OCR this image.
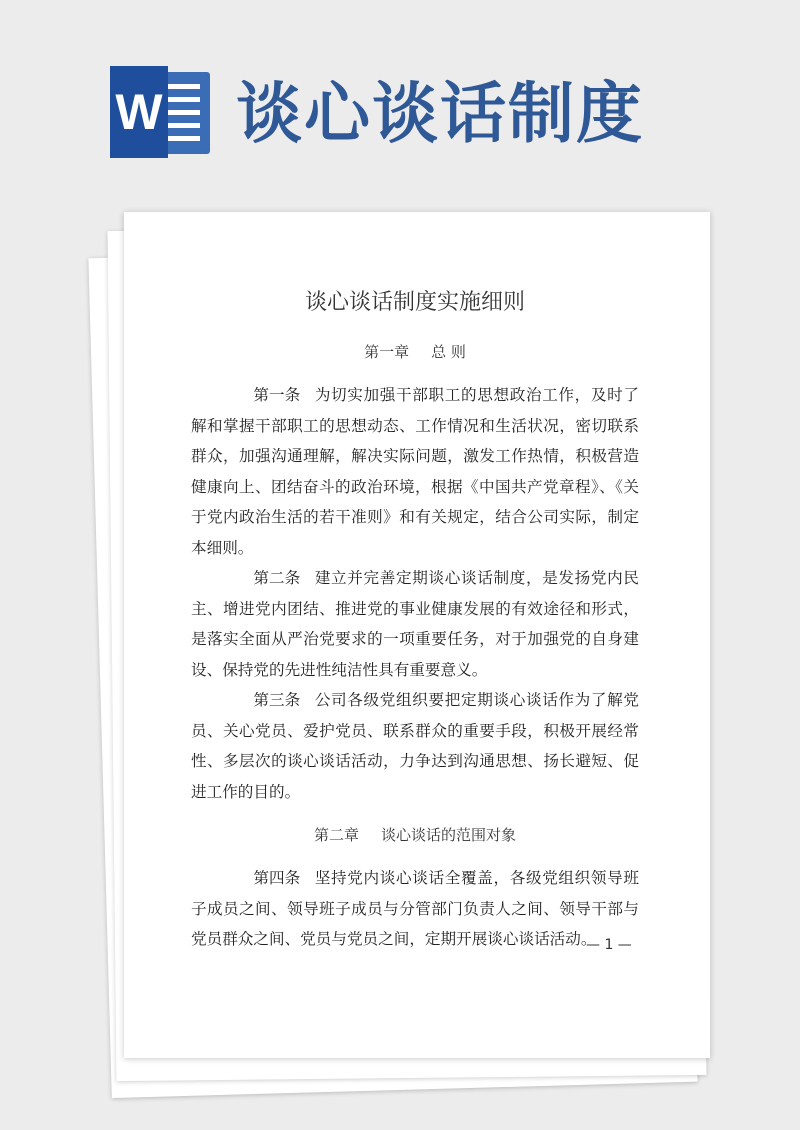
W 谈心谈话制度
谈心谈话制度实施细则
第一章 总 则

第一条 为切实加强干部职工的思想政治工作，及时了解和掌握干部职工的思想动态、工作情况和生活状况，密切联系群众，加强沟通理解，解决实际问题，激发工作热情，积极营造健康向上、团结奋斗的政治环境，根据《中国共产党章程》、《关于党内政治生活的若干准则》和有关规定，结合公司实际，制定本细则。

第二条 建立并完善定期谈心谈话制度，是发扬党内民主、增进党内团结、推进党的事业健康发展的有效途径和形式，是落实全面从严治党要求的一项重要任务，对于加强党的自身建设、保持党的先进性纯洁性具有重要意义。

第三条 公司各级党组织要把定期谈心谈话作为了解党员、关心党员、爱护党员、联系群众的重要手段，积极开展经常性、多层次的谈心谈话活动，力争达到沟通思想、扬长避短、促进工作的目的。

第二章 谈心谈话的范围对象

第四条 坚持党内谈心谈话全覆盖，各级党组织领导班子成员之间、领导班子成员与分管部门负责人之间、领导干部与党员群众之间、党员与党员之间，定期开展谈心谈话活动。

— 1 —
